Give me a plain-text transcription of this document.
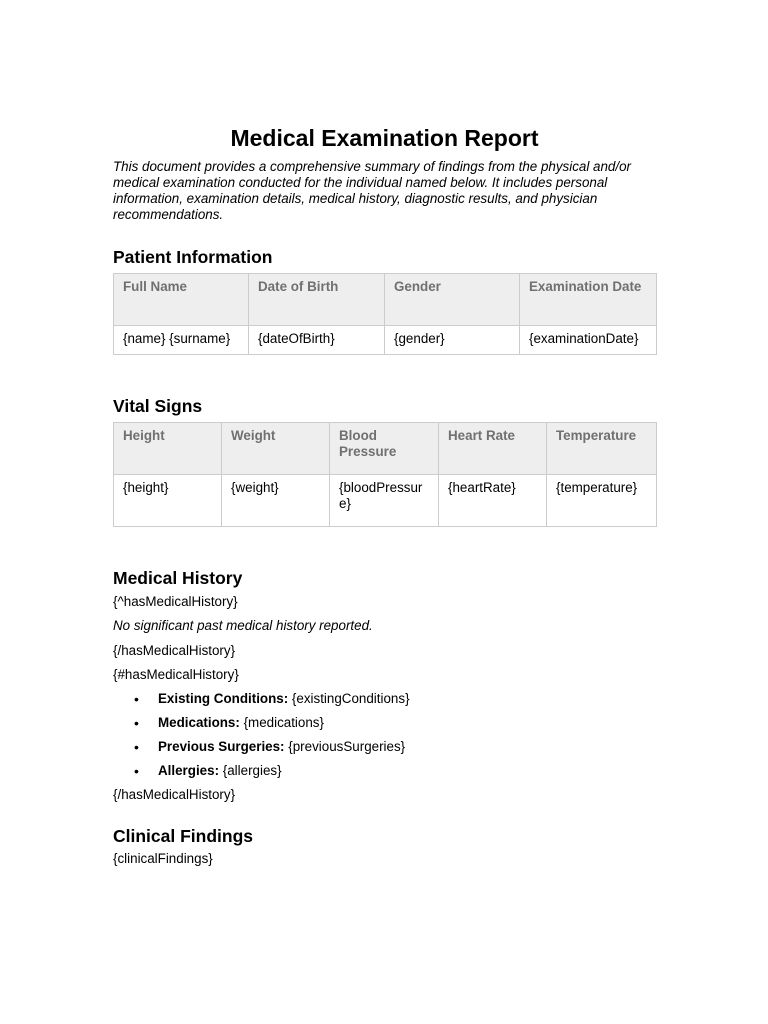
Medical Examination Report

This document provides a comprehensive summary of findings from the physical and/or medical examination conducted for the individual named below. It includes personal information, examination details, medical history, diagnostic results, and physician recommendations.

Patient Information
Full Name	Date of Birth	Gender	Examination Date
{name} {surname}	{dateOfBirth}	{gender}	{examinationDate}
Vital Signs
Height	Weight	Blood Pressure	Heart Rate	Temperature
{height}	{weight}	{bloodPressure}	{heartRate}	{temperature}
Medical History

{^hasMedicalHistory}

No significant past medical history reported.

{/hasMedicalHistory}

{#hasMedicalHistory}

• Existing Conditions: {existingConditions}
• Medications: {medications}
• Previous Surgeries: {previousSurgeries}
• Allergies: {allergies}

{/hasMedicalHistory}

Clinical Findings

{clinicalFindings}
